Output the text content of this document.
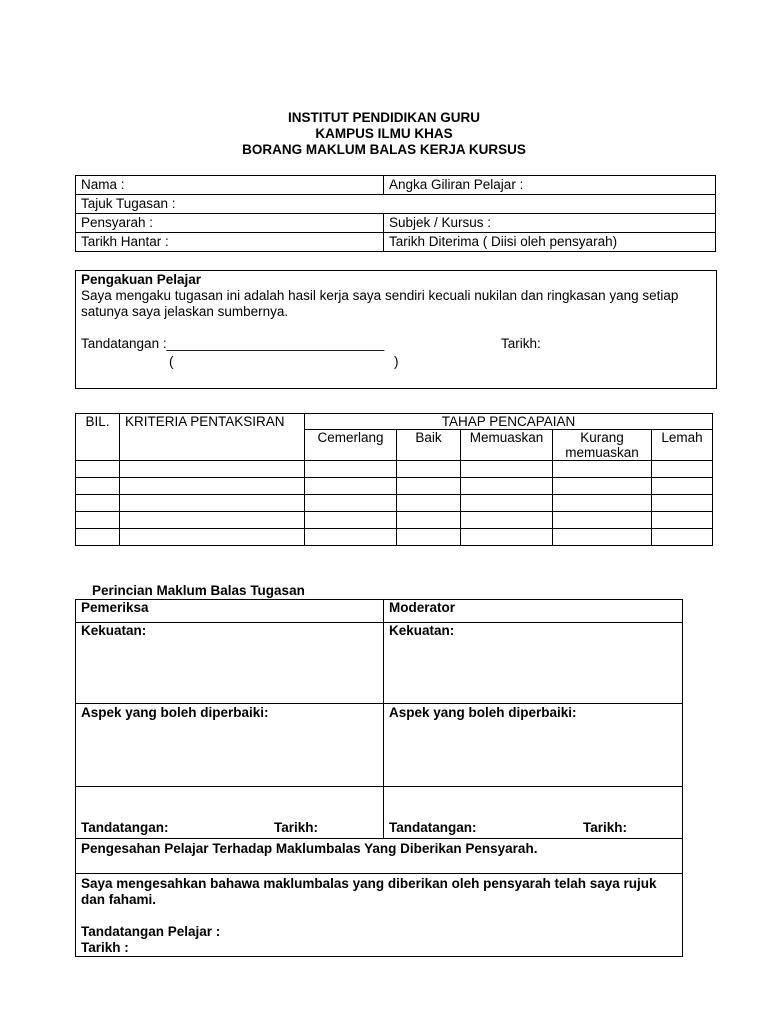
INSTITUT PENDIDIKAN GURU
KAMPUS ILMU KHAS
BORANG MAKLUM BALAS KERJA KURSUS
Nama :	Angka Giliran Pelajar :
Tajuk Tugasan :	
Pensyarah :	Subjek / Kursus :
Tarikh Hantar :	Tarikh Diterima ( Diisi oleh pensyarah)
Pengakuan Pelajar
Saya mengaku tugasan ini adalah hasil kerja saya sendiri kecuali nukilan dan ringkasan yang setiap satunya saya jelaskan sumbernya.
Tandatangan :_____________________________	Tarikh:
(	)
BIL.	KRITERIA PENTAKSIRAN	TAHAP PENCAPAIAN				
		Cemerlang	Baik	Memuaskan	Kurang memuaskan	Lemah

Perincian Maklum Balas Tugasan
Pemeriksa	Moderator
Kekuatan:	Kekuatan:
Aspek yang boleh diperbaiki:	Aspek yang boleh diperbaiki:

Tandatangan: Tarikh:	Tandatangan: Tarikh:

Pengesahan Pelajar Terhadap Maklumbalas Yang Diberikan Pensyarah.	

Saya mengesahkan bahawa maklumbalas yang diberikan oleh pensyarah telah saya rujuk dan fahami.
Tandatangan Pelajar :
Tarikh :	
